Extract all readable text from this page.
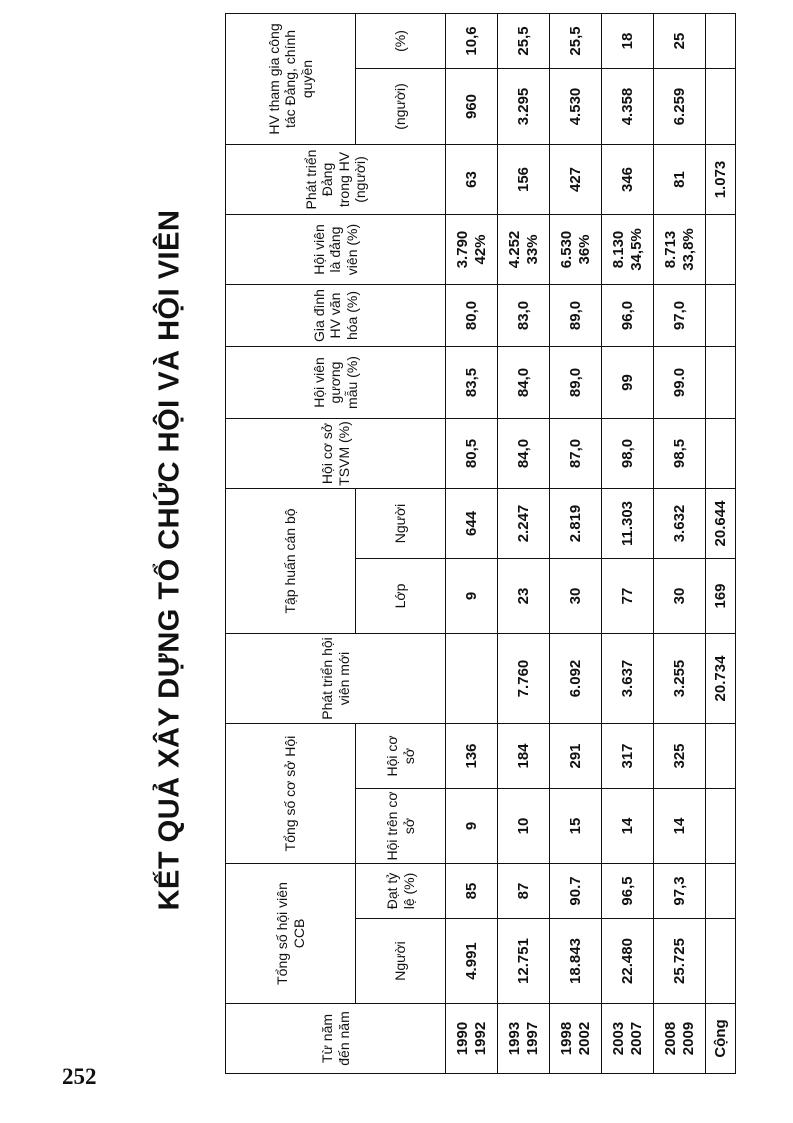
KẾT QUẢ XÂY DỰNG TỔ CHỨC HỘI VÀ HỘI VIÊN
252
Từ năm đến năm	Tổng số hội viên CCB		Tổng số cơ sở Hội		Phát triển hội viên mới	Tập huấn cán bộ		Hội cơ sở TSVM (%)	Hội viên gương mẫu (%)	Gia đình HV văn hóa (%)	Hội viên là đảng viên (%)	Phát triển Đảng trong HV (người)	HV tham gia công tác Đảng, chính quyền	
	Người	Đạt tỷ lệ (%)	Hội trên cơ sở	Hội cơ sở		Lớp	Người						(người)	(%)
1990 1992	4.991	85	9	136		9	644	80,5	83,5	80,0	3.790 42%	63	960	10,6
1993 1997	12.751	87	10	184	7.760	23	2.247	84,0	84,0	83,0	4.252 33%	156	3.295	25,5
1998 2002	18.843	90.7	15	291	6.092	30	2.819	87,0	89,0	89,0	6.530 36%	427	4.530	25,5
2003 2007	22.480	96,5	14	317	3.637	77	11.303	98,0	99	96,0	8.130 34,5%	346	4.358	18
2008 2009	25.725	97,3	14	325	3.255	30	3.632	98,5	99.0	97,0	8.713 33,8%	81	6.259	25
Cộng					20.734	169	20.644					1.073		
